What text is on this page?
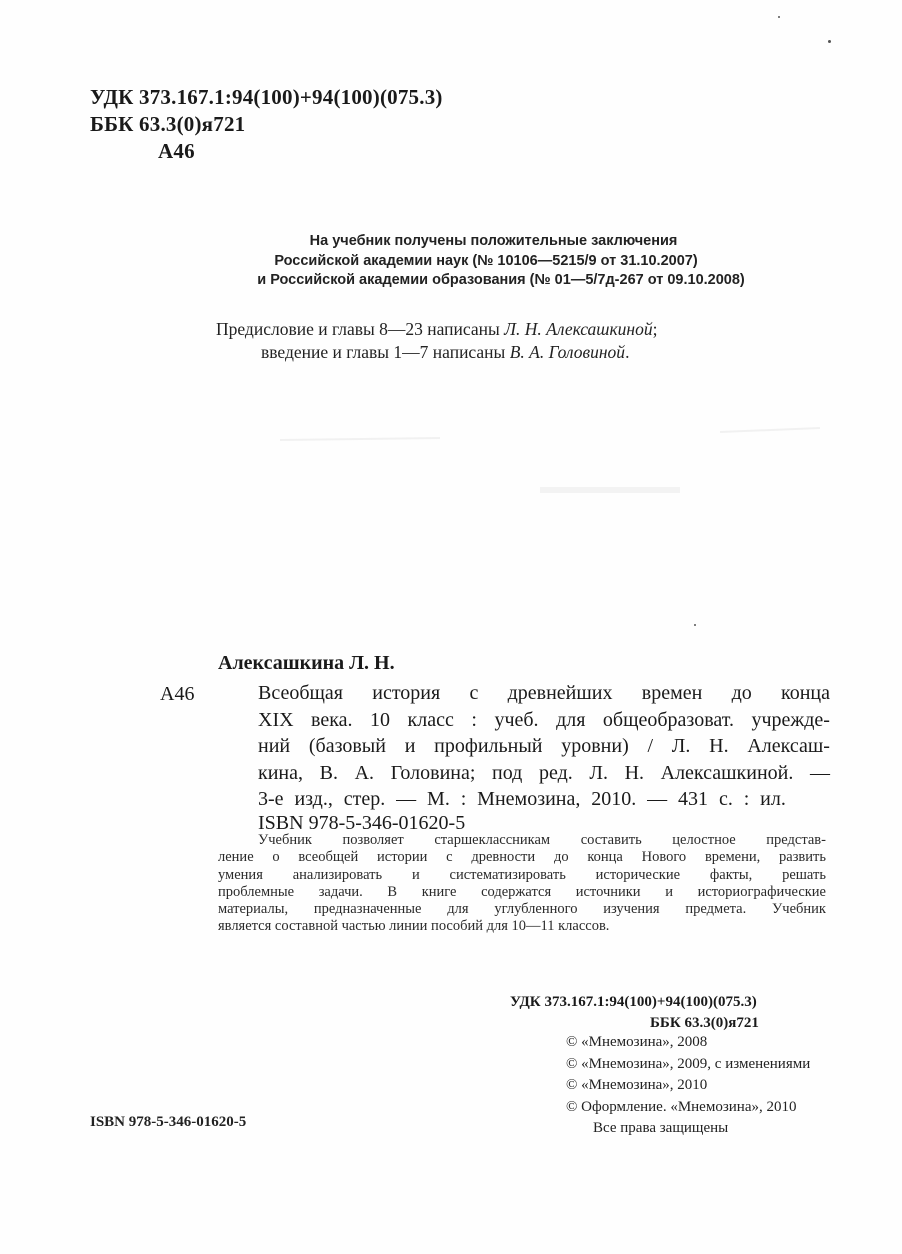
УДК 373.167.1:94(100)+94(100)(075.3)
ББК 63.3(0)я721
А46
На учебник получены положительные заключения
Российской академии наук (№ 10106—5215/9 от 31.10.2007)
и Российской академии образования (№ 01—5/7д-267 от 09.10.2008)
Предисловие и главы 8—23 написаны Л. Н. Алексашкиной;
введение и главы 1—7 написаны В. А. Головиной.
Алексашкина Л. Н.
А46	Всеобщая история с древнейших времен до конца
XIX века. 10 класс : учеб. для общеобразоват. учрежде-
ний (базовый и профильный уровни) / Л. Н. Алексаш-
кина, В. А. Головина; под ред. Л. Н. Алексашкиной. —
3-е изд., стер. — М. : Мнемозина, 2010. — 431 с. : ил.
ISBN 978-5-346-01620-5
Учебник позволяет старшеклассникам составить целостное представ-
ление о всеобщей истории с древности до конца Нового времени, развить
умения анализировать и систематизировать исторические факты, решать
проблемные задачи. В книге содержатся источники и историографические
материалы, предназначенные для углубленного изучения предмета. Учебник
является составной частью линии пособий для 10—11 классов.
УДК 373.167.1:94(100)+94(100)(075.3)
ББК 63.3(0)я721
© «Мнемозина», 2008
© «Мнемозина», 2009, с изменениями
© «Мнемозина», 2010
© Оформление. «Мнемозина», 2010
Все права защищены
ISBN 978-5-346-01620-5
